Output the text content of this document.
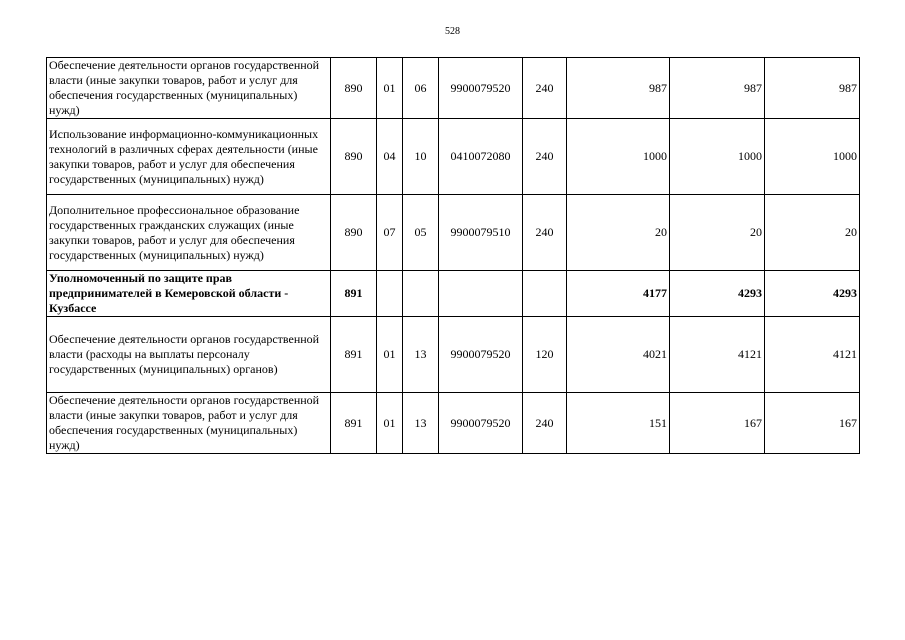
528
Обеспечение деятельности органов государственной власти (иные закупки товаров, работ и услуг для обеспечения государственных (муниципальных) нужд)	890	01	06	9900079520	240	987	987	987
Использование информационно-коммуникационных технологий в различных сферах деятельности (иные закупки товаров, работ и услуг для обеспечения государственных (муниципальных) нужд)	890	04	10	0410072080	240	1000	1000	1000
Дополнительное профессиональное образование государственных гражданских служащих (иные закупки товаров, работ и услуг для обеспечения государственных (муниципальных) нужд)	890	07	05	9900079510	240	20	20	20
Уполномоченный по защите прав предпринимателей в Кемеровской области - Кузбассе	891					4177	4293	4293
Обеспечение деятельности органов государственной власти (расходы на выплаты персоналу государственных (муниципальных) органов)	891	01	13	9900079520	120	4021	4121	4121
Обеспечение деятельности органов государственной власти (иные закупки товаров, работ и услуг для обеспечения государственных (муниципальных) нужд)	891	01	13	9900079520	240	151	167	167
